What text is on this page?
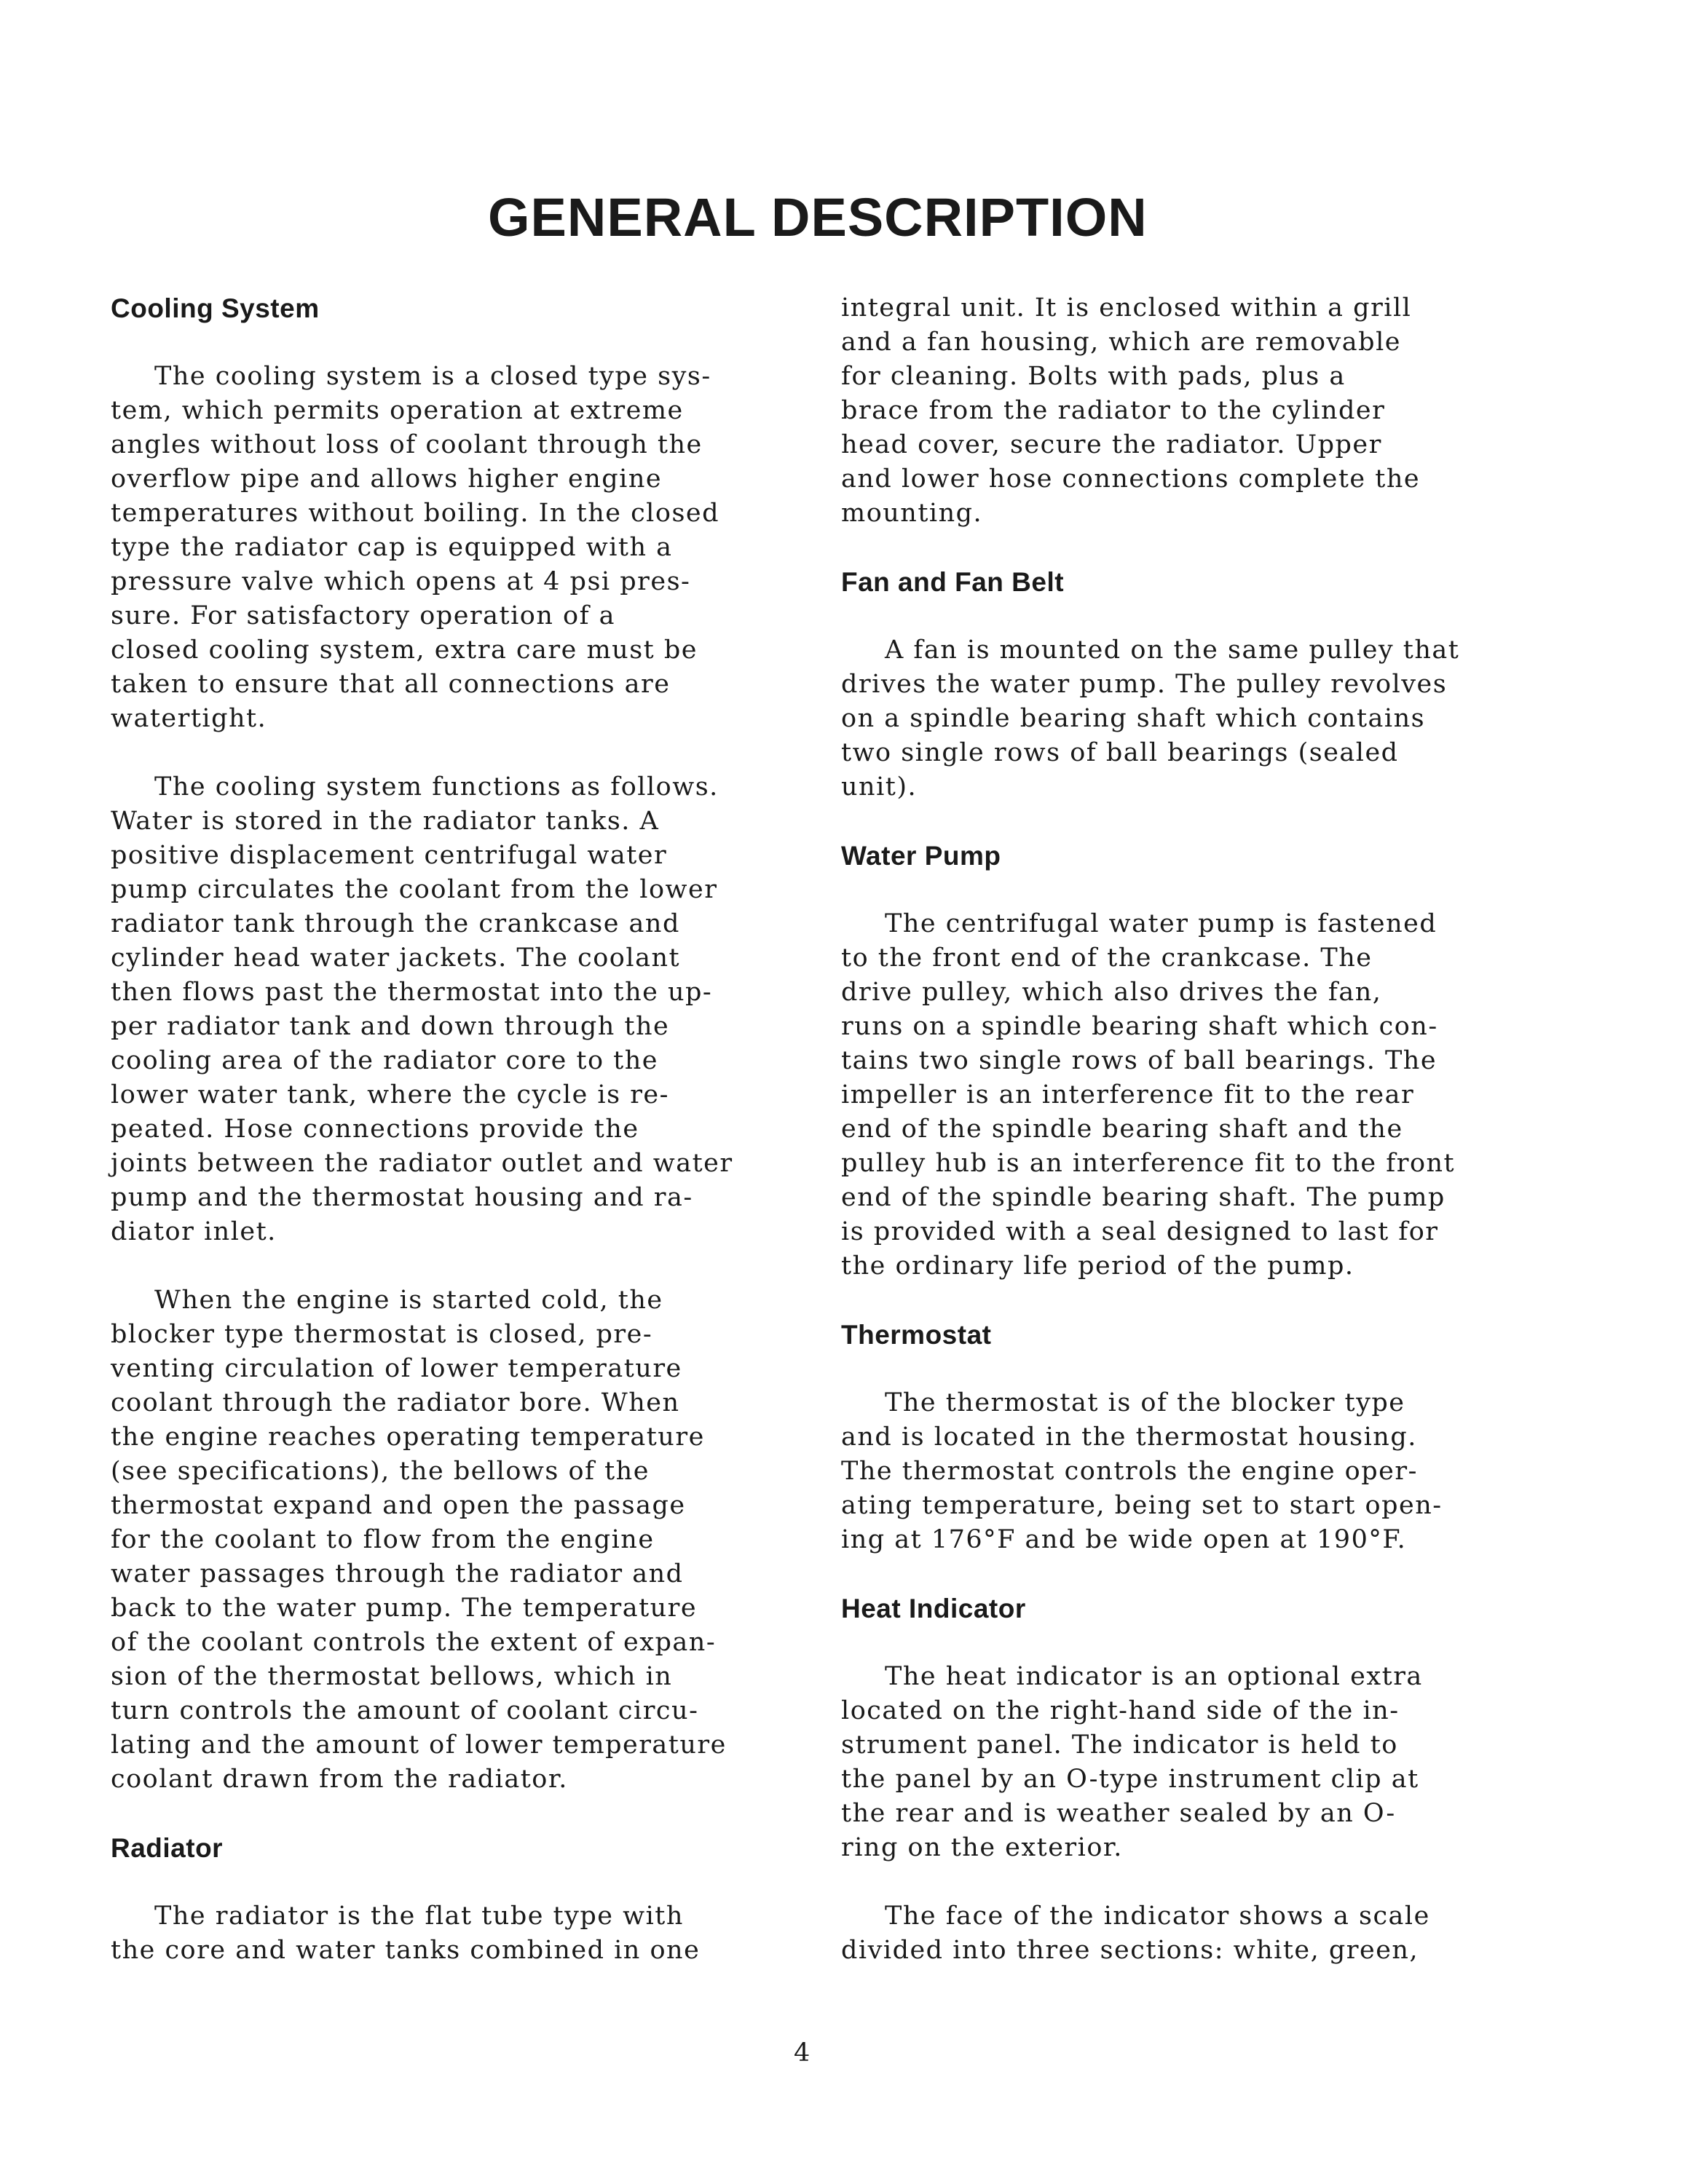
GENERAL DESCRIPTION
Cooling System

The cooling system is a closed type sys-
tem, which permits operation at extreme
angles without loss of coolant through the
overflow pipe and allows higher engine
temperatures without boiling. In the closed
type the radiator cap is equipped with a
pressure valve which opens at 4 psi pres-
sure. For satisfactory operation of a
closed cooling system, extra care must be
taken to ensure that all connections are
watertight.

The cooling system functions as follows.
Water is stored in the radiator tanks. A
positive displacement centrifugal water
pump circulates the coolant from the lower
radiator tank through the crankcase and
cylinder head water jackets. The coolant
then flows past the thermostat into the up-
per radiator tank and down through the
cooling area of the radiator core to the
lower water tank, where the cycle is re-
peated. Hose connections provide the
joints between the radiator outlet and water
pump and the thermostat housing and ra-
diator inlet.

When the engine is started cold, the
blocker type thermostat is closed, pre-
venting circulation of lower temperature
coolant through the radiator bore. When
the engine reaches operating temperature
(see specifications), the bellows of the
thermostat expand and open the passage
for the coolant to flow from the engine
water passages through the radiator and
back to the water pump. The temperature
of the coolant controls the extent of expan-
sion of the thermostat bellows, which in
turn controls the amount of coolant circu-
lating and the amount of lower temperature
coolant drawn from the radiator.

Radiator

The radiator is the flat tube type with
the core and water tanks combined in one

integral unit. It is enclosed within a grill
and a fan housing, which are removable
for cleaning. Bolts with pads, plus a
brace from the radiator to the cylinder
head cover, secure the radiator. Upper
and lower hose connections complete the
mounting.

Fan and Fan Belt

A fan is mounted on the same pulley that
drives the water pump. The pulley revolves
on a spindle bearing shaft which contains
two single rows of ball bearings (sealed
unit).

Water Pump

The centrifugal water pump is fastened
to the front end of the crankcase. The
drive pulley, which also drives the fan,
runs on a spindle bearing shaft which con-
tains two single rows of ball bearings. The
impeller is an interference fit to the rear
end of the spindle bearing shaft and the
pulley hub is an interference fit to the front
end of the spindle bearing shaft. The pump
is provided with a seal designed to last for
the ordinary life period of the pump.

Thermostat

The thermostat is of the blocker type
and is located in the thermostat housing.
The thermostat controls the engine oper-
ating temperature, being set to start open-
ing at 176°F and be wide open at 190°F.

Heat Indicator

The heat indicator is an optional extra
located on the right-hand side of the in-
strument panel. The indicator is held to
the panel by an O-type instrument clip at
the rear and is weather sealed by an O-
ring on the exterior.

The face of the indicator shows a scale
divided into three sections: white, green,

4
